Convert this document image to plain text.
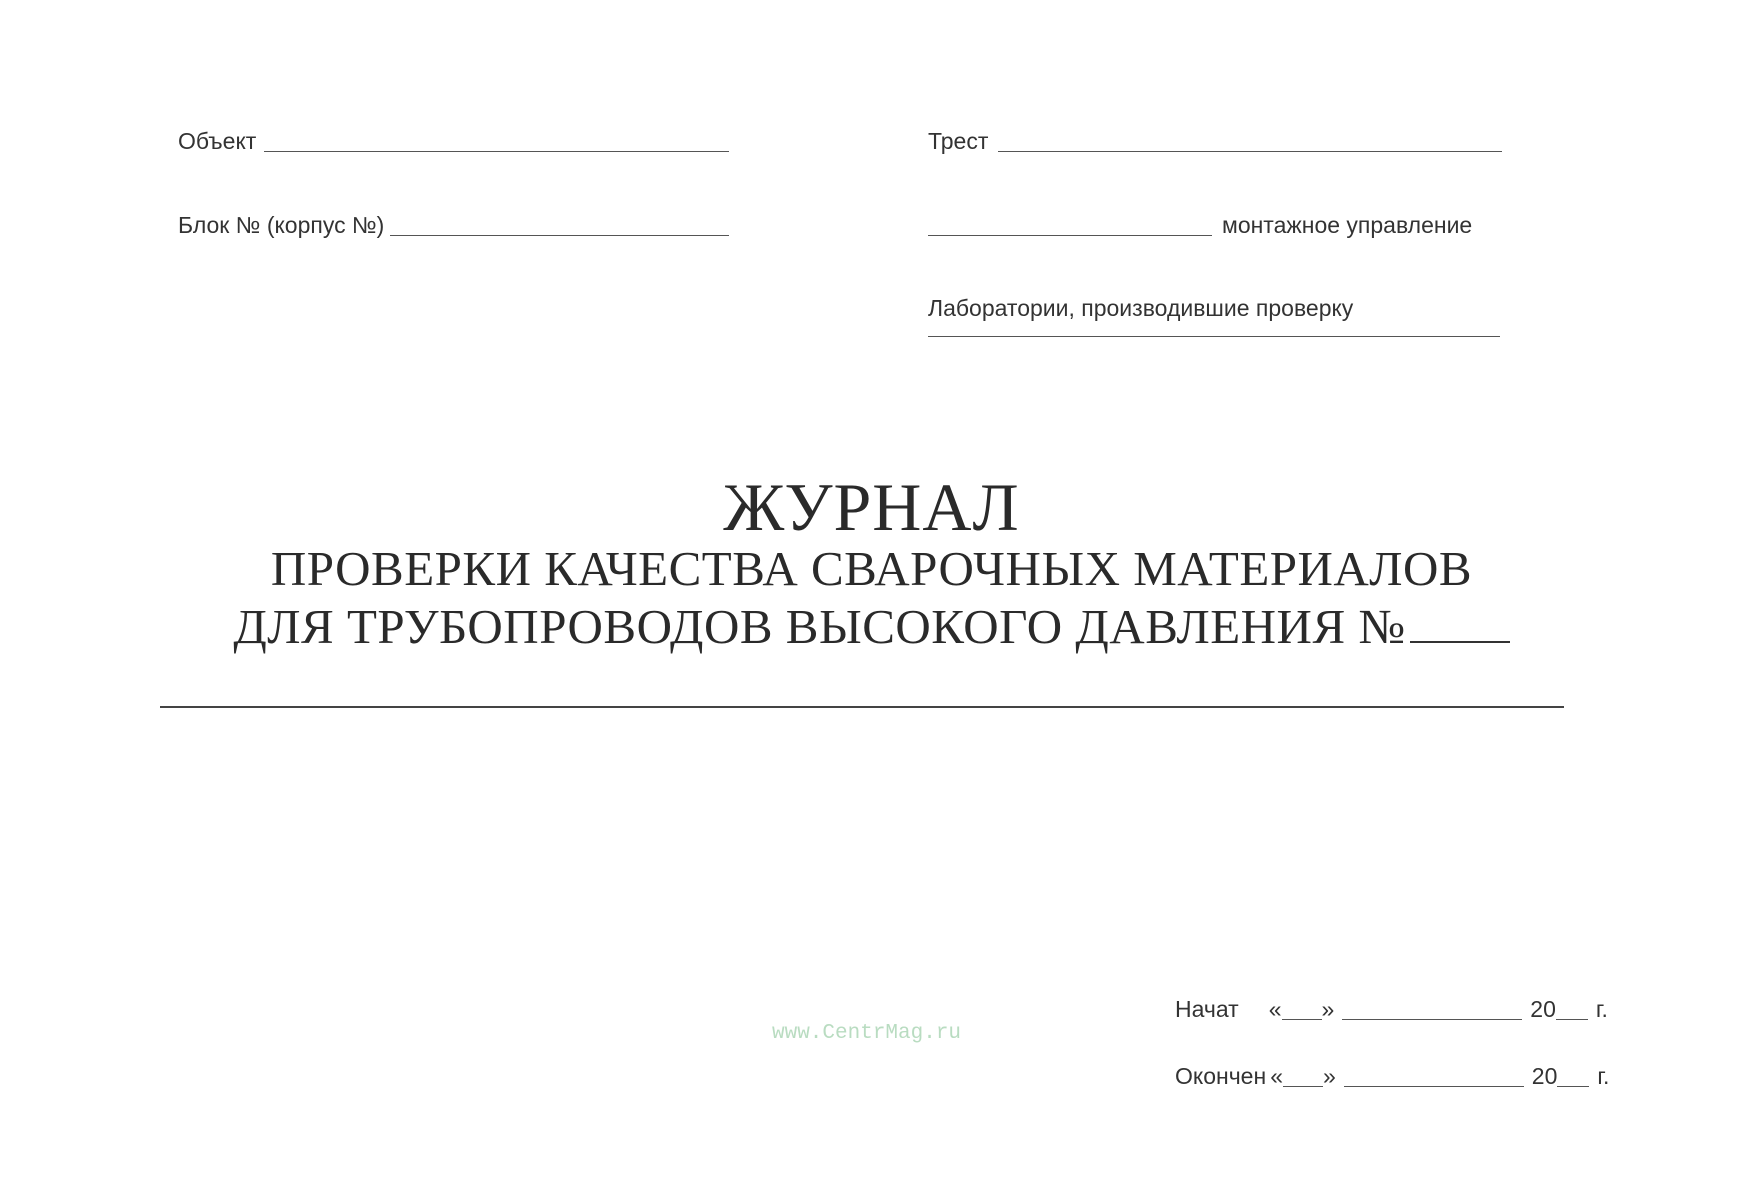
Объект
Блок № (корпус №)
Трест
монтажное управление
Лаборатории, производившие проверку
ЖУРНАЛ
ПРОВЕРКИ КАЧЕСТВА СВАРОЧНЫХ МАТЕРИАЛОВ
ДЛЯ ТРУБОПРОВОДОВ ВЫСОКОГО ДАВЛЕНИЯ №
www.CentrMag.ru
Начат « »	20 г.
Окончен « »	20 г.
